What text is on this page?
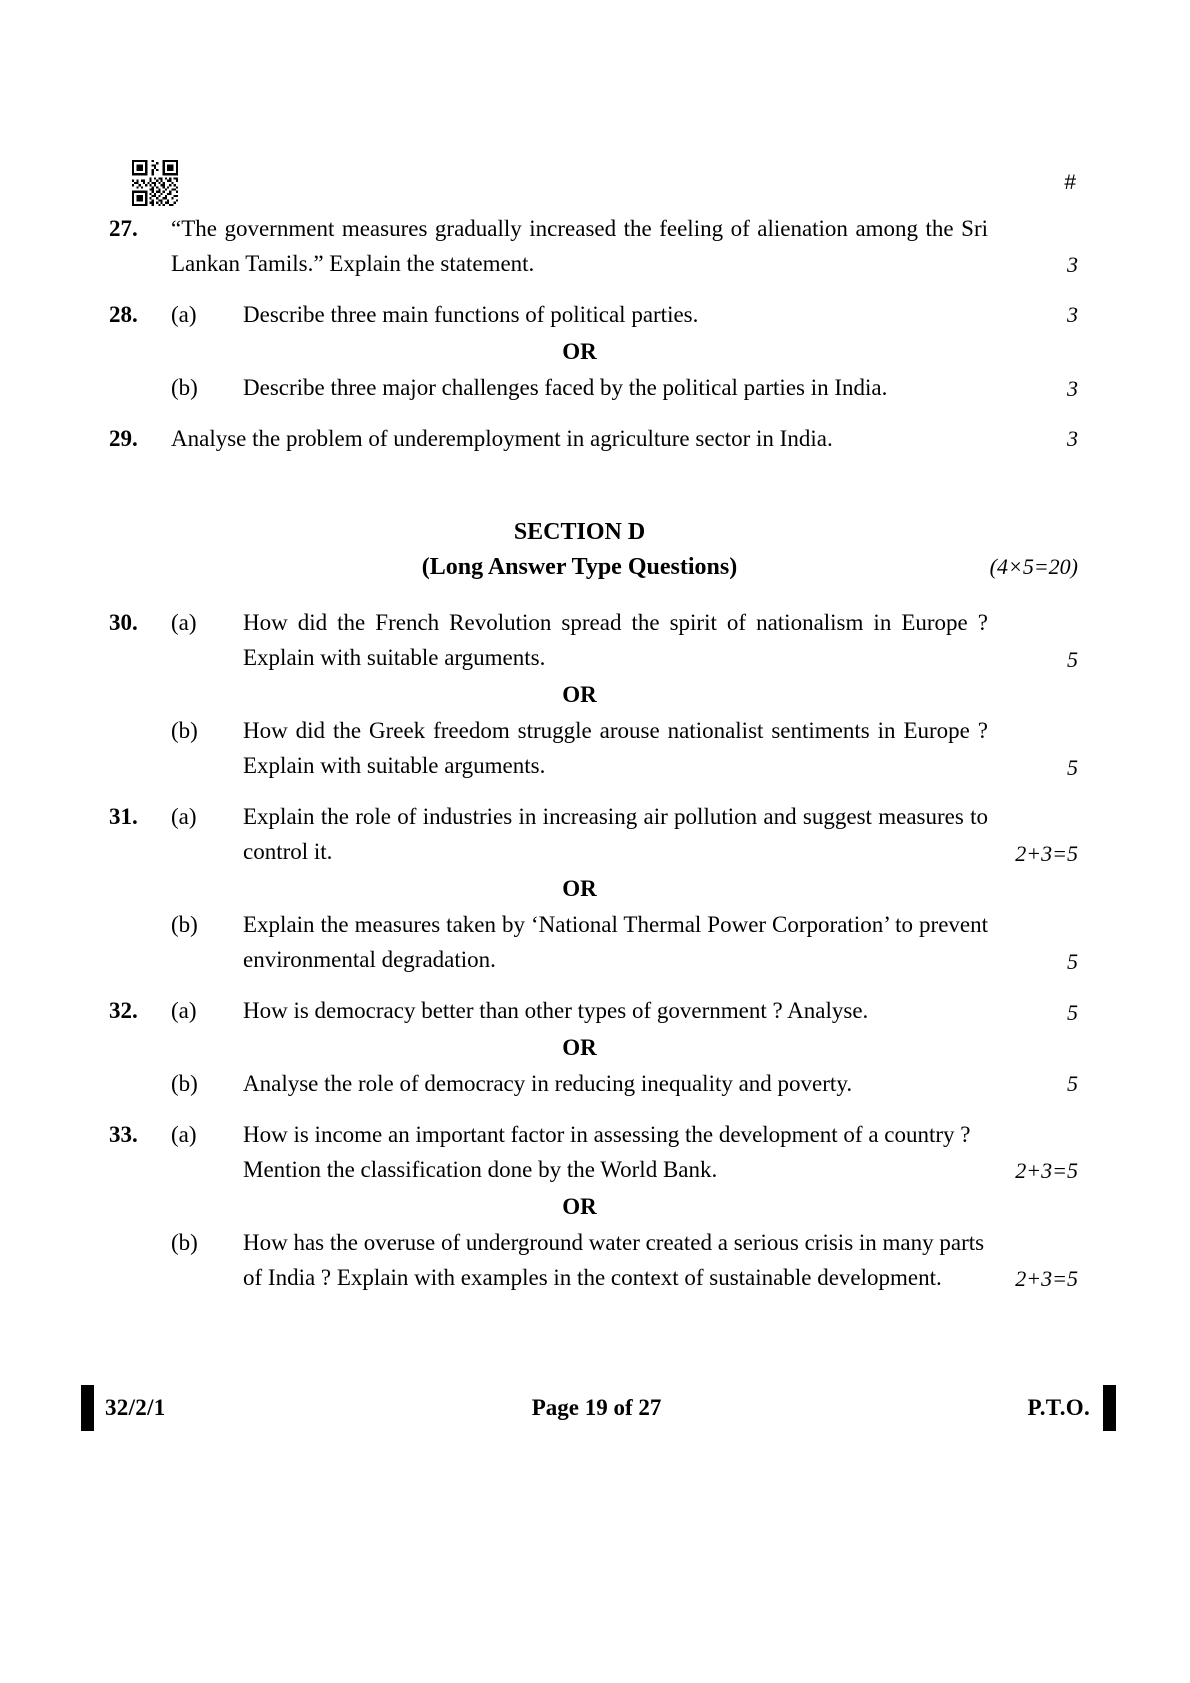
#
27.	“The government measures gradually increased the feeling of alienation among the Sri Lankan Tamils.” Explain the statement.	3
28.	(a)	Describe three main functions of political parties.	3
OR
(b)	Describe three major challenges faced by the political parties in India.	3
29.	Analyse the problem of underemployment in agriculture sector in India.	3
SECTION D
(Long Answer Type Questions)	(4×5=20)
30.	(a)	How did the French Revolution spread the spirit of nationalism in Europe ? Explain with suitable arguments.	5
OR
(b)	How did the Greek freedom struggle arouse nationalist sentiments in Europe ? Explain with suitable arguments.	5
31.	(a)	Explain the role of industries in increasing air pollution and suggest measures to control it.	2+3=5
OR
(b)	Explain the measures taken by ‘National Thermal Power Corporation’ to prevent environmental degradation.	5
32.	(a)	How is democracy better than other types of government ? Analyse.	5
OR
(b)	Analyse the role of democracy in reducing inequality and poverty.	5
33.	(a)	How is income an important factor in assessing the development of a country ? Mention the classification done by the World Bank.	2+3=5
OR
(b)	How has the overuse of underground water created a serious crisis in many parts of India ? Explain with examples in the context of sustainable development.	2+3=5
32/2/1	Page 19 of 27	P.T.O.
